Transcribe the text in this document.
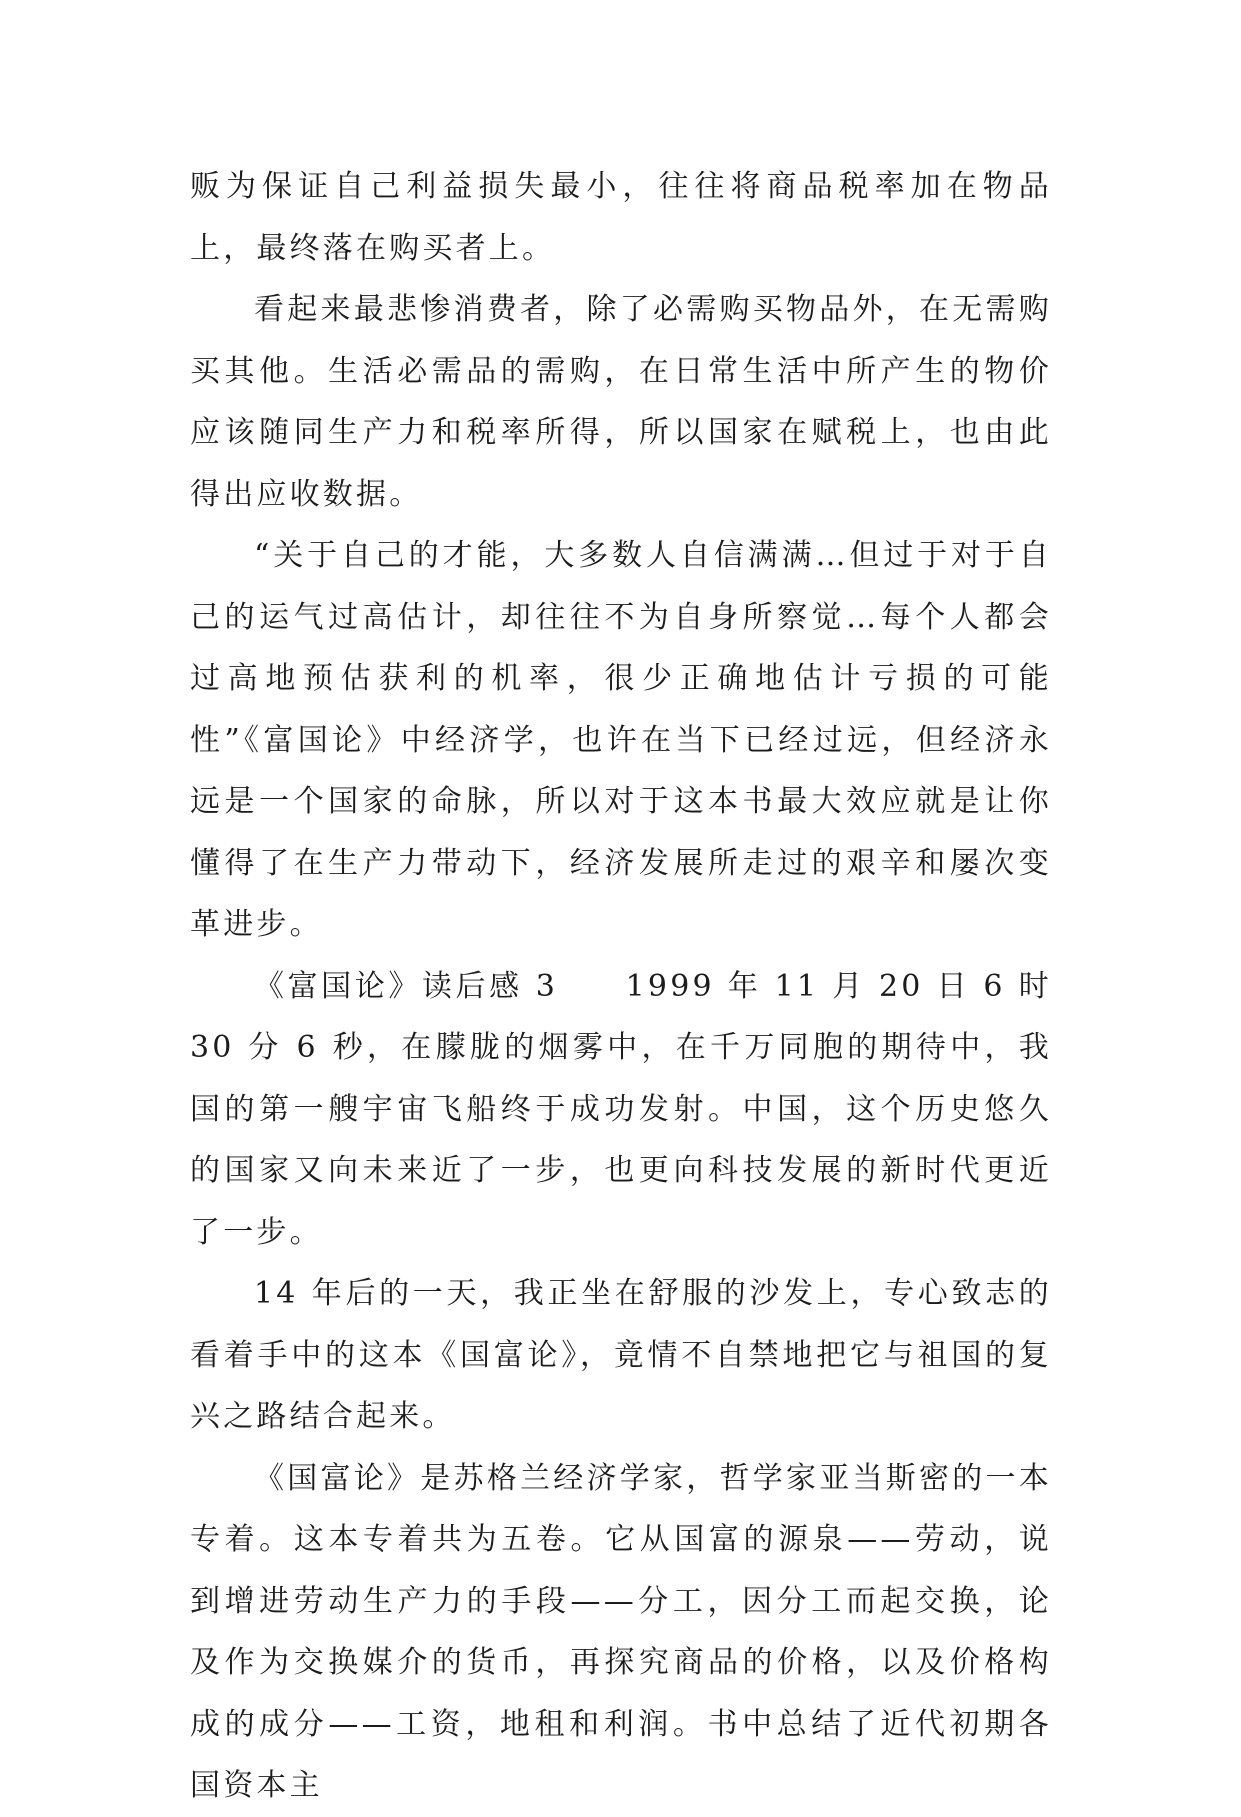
贩为保证自己利益损失最小，往往将商品税率加在物品上，最终落在购买者上。

看起来最悲惨消费者，除了必需购买物品外，在无需购买其他。生活必需品的需购，在日常生活中所产生的物价应该随同生产力和税率所得，所以国家在赋税上，也由此得出应收数据。

“关于自己的才能，大多数人自信满满…但过于对于自己的运气过高估计，却往往不为自身所察觉…每个人都会过高地预估获利的机率，很少正确地估计亏损的可能性”《富国论》中经济学，也许在当下已经过远，但经济永远是一个国家的命脉，所以对于这本书最大效应就是让你懂得了在生产力带动下，经济发展所走过的艰辛和屡次变革进步。

《富国论》读后感 3　　1999 年 11 月 20 日 6 时 30 分 6 秒，在朦胧的烟雾中，在千万同胞的期待中，我国的第一艘宇宙飞船终于成功发射。中国，这个历史悠久的国家又向未来近了一步，也更向科技发展的新时代更近了一步。

14 年后的一天，我正坐在舒服的沙发上，专心致志的看着手中的这本《国富论》，竟情不自禁地把它与祖国的复兴之路结合起来。

《国富论》是苏格兰经济学家，哲学家亚当斯密的一本专着。这本专着共为五卷。它从国富的源泉——劳动，说到增进劳动生产力的手段——分工，因分工而起交换，论及作为交换媒介的货币，再探究商品的价格，以及价格构成的成分——工资，地租和利润。书中总结了近代初期各国资本主
